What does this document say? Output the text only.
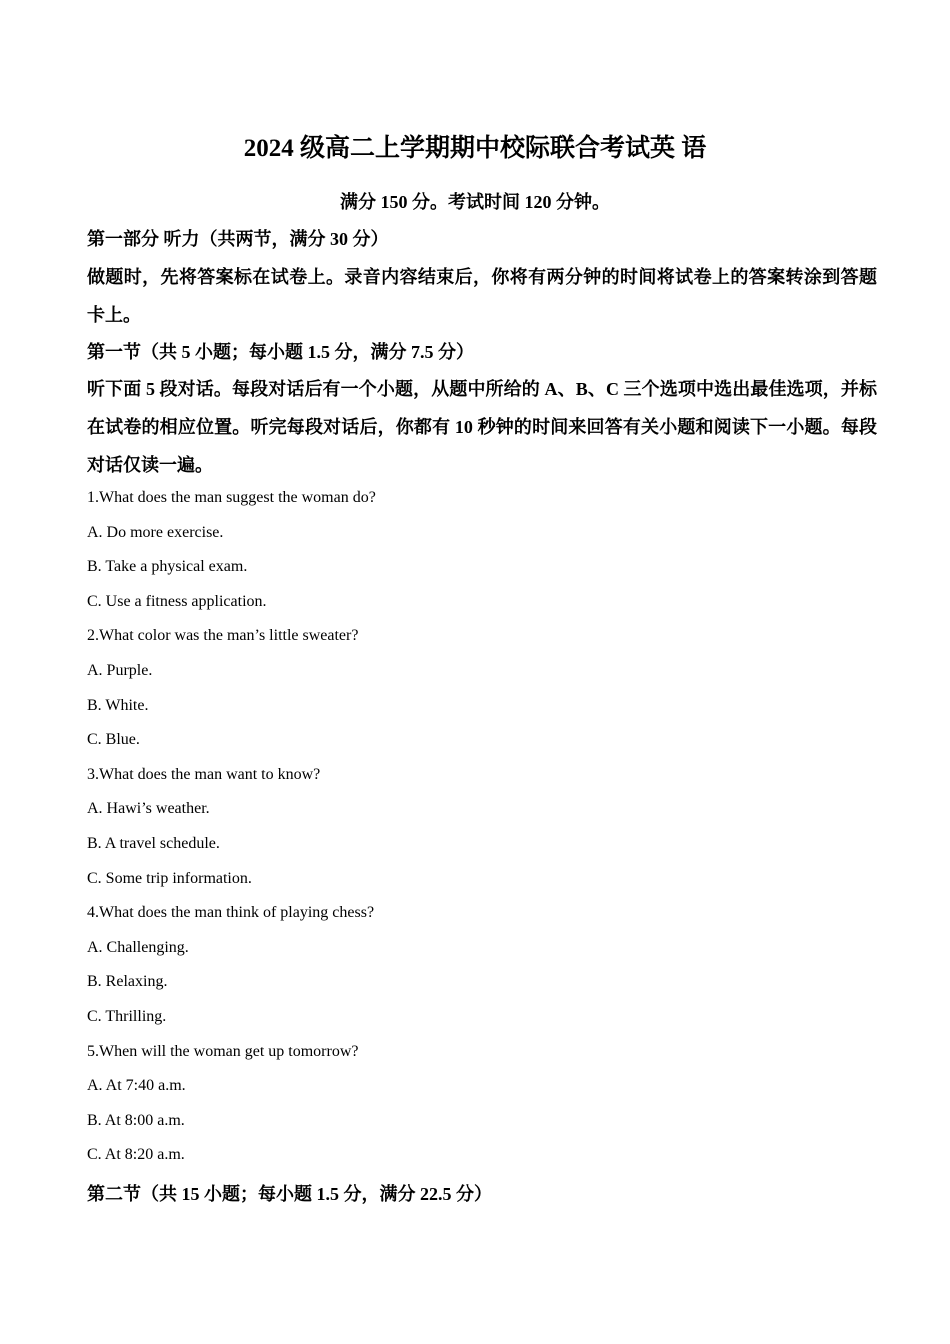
2024 级高二上学期期中校际联合考试英 语
满分 150 分。考试时间 120 分钟。
第一部分 听力（共两节，满分 30 分）
做题时，先将答案标在试卷上。录音内容结束后，你将有两分钟的时间将试卷上的答案转涂到答题卡上。
第一节（共 5 小题；每小题 1.5 分，满分 7.5 分）
听下面 5 段对话。每段对话后有一个小题，从题中所给的 A、B、C 三个选项中选出最佳选项，并标在试卷的相应位置。听完每段对话后，你都有 10 秒钟的时间来回答有关小题和阅读下一小题。每段对话仅读一遍。
1.What does the man suggest the woman do?
A. Do more exercise.
B. Take a physical exam.
C. Use a fitness application.
2.What color was the man’s little sweater?
A. Purple.
B. White.
C. Blue.
3.What does the man want to know?
A. Hawi’s weather.
B. A travel schedule.
C. Some trip information.
4.What does the man think of playing chess?
A. Challenging.
B. Relaxing.
C. Thrilling.
5.When will the woman get up tomorrow?
A. At 7:40 a.m.
B. At 8:00 a.m.
C. At 8:20 a.m.
第二节（共 15 小题；每小题 1.5 分，满分 22.5 分）
